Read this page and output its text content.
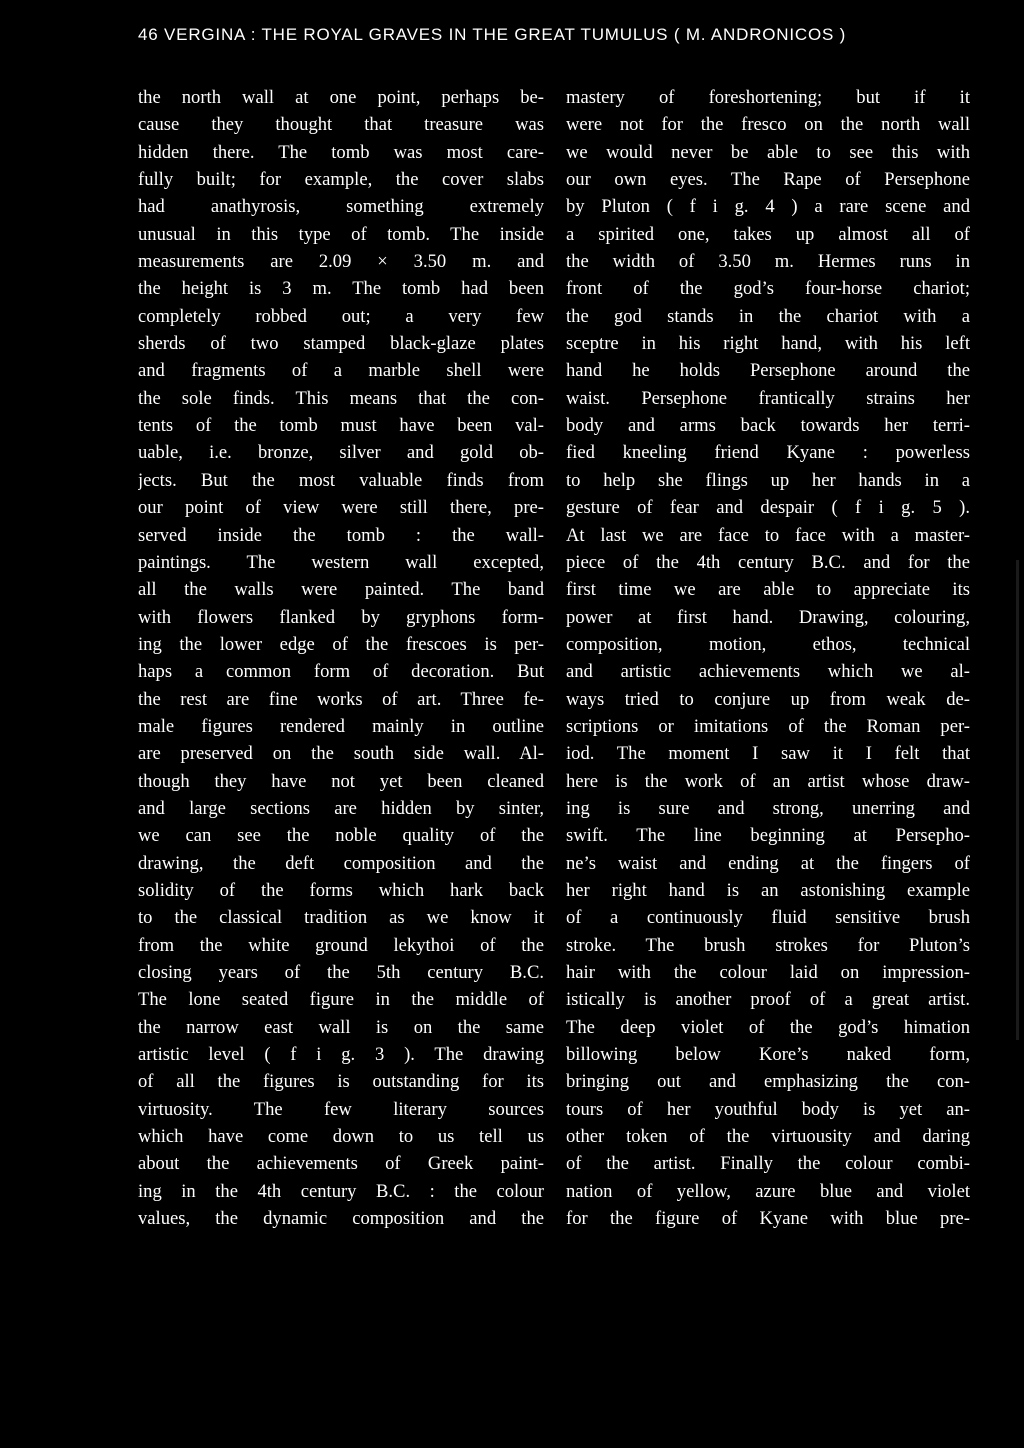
46 VERGINA : THE ROYAL GRAVES IN THE GREAT TUMULUS ( M. ANDRONICOS )

the north wall at one point, perhaps be-
cause they thought that treasure was
hidden there. The tomb was most care-
fully built; for example, the cover slabs
had anathyrosis, something extremely
unusual in this type of tomb. The inside
measurements are 2.09 × 3.50 m. and
the height is 3 m. The tomb had been
completely robbed out; a very few
sherds of two stamped black-glaze plates
and fragments of a marble shell were
the sole finds. This means that the con-
tents of the tomb must have been val-
uable, i.e. bronze, silver and gold ob-
jects. But the most valuable finds from
our point of view were still there, pre-
served inside the tomb : the wall-
paintings. The western wall excepted,
all the walls were painted. The band
with flowers flanked by gryphons form-
ing the lower edge of the frescoes is per-
haps a common form of decoration. But
the rest are fine works of art. Three fe-
male figures rendered mainly in outline
are preserved on the south side wall. Al-
though they have not yet been cleaned
and large sections are hidden by sinter,
we can see the noble quality of the
drawing, the deft composition and the
solidity of the forms which hark back
to the classical tradition as we know it
from the white ground lekythoi of the
closing years of the 5th century B.C.
The lone seated figure in the middle of
the narrow east wall is on the same
artistic level ( f i g. 3 ). The drawing
of all the figures is outstanding for its
virtuosity. The few literary sources
which have come down to us tell us
about the achievements of Greek paint-
ing in the 4th century B.C. : the colour
values, the dynamic composition and the

mastery of foreshortening; but if it
were not for the fresco on the north wall
we would never be able to see this with
our own eyes. The Rape of Persephone
by Pluton ( f i g. 4 ) a rare scene and
a spirited one, takes up almost all of
the width of 3.50 m. Hermes runs in
front of the god’s four-horse chariot;
the god stands in the chariot with a
sceptre in his right hand, with his left
hand he holds Persephone around the
waist. Persephone frantically strains her
body and arms back towards her terri-
fied kneeling friend Kyane : powerless
to help she flings up her hands in a
gesture of fear and despair ( f i g. 5 ).
At last we are face to face with a master-
piece of the 4th century B.C. and for the
first time we are able to appreciate its
power at first hand. Drawing, colouring,
composition, motion, ethos, technical
and artistic achievements which we al-
ways tried to conjure up from weak de-
scriptions or imitations of the Roman per-
iod. The moment I saw it I felt that
here is the work of an artist whose draw-
ing is sure and strong, unerring and
swift. The line beginning at Persepho-
ne’s waist and ending at the fingers of
her right hand is an astonishing example
of a continuously fluid sensitive brush
stroke. The brush strokes for Pluton’s
hair with the colour laid on impression-
istically is another proof of a great artist.
The deep violet of the god’s himation
billowing below Kore’s naked form,
bringing out and emphasizing the con-
tours of her youthful body is yet an-
other token of the virtuousity and daring
of the artist. Finally the colour combi-
nation of yellow, azure blue and violet
for the figure of Kyane with blue pre-
